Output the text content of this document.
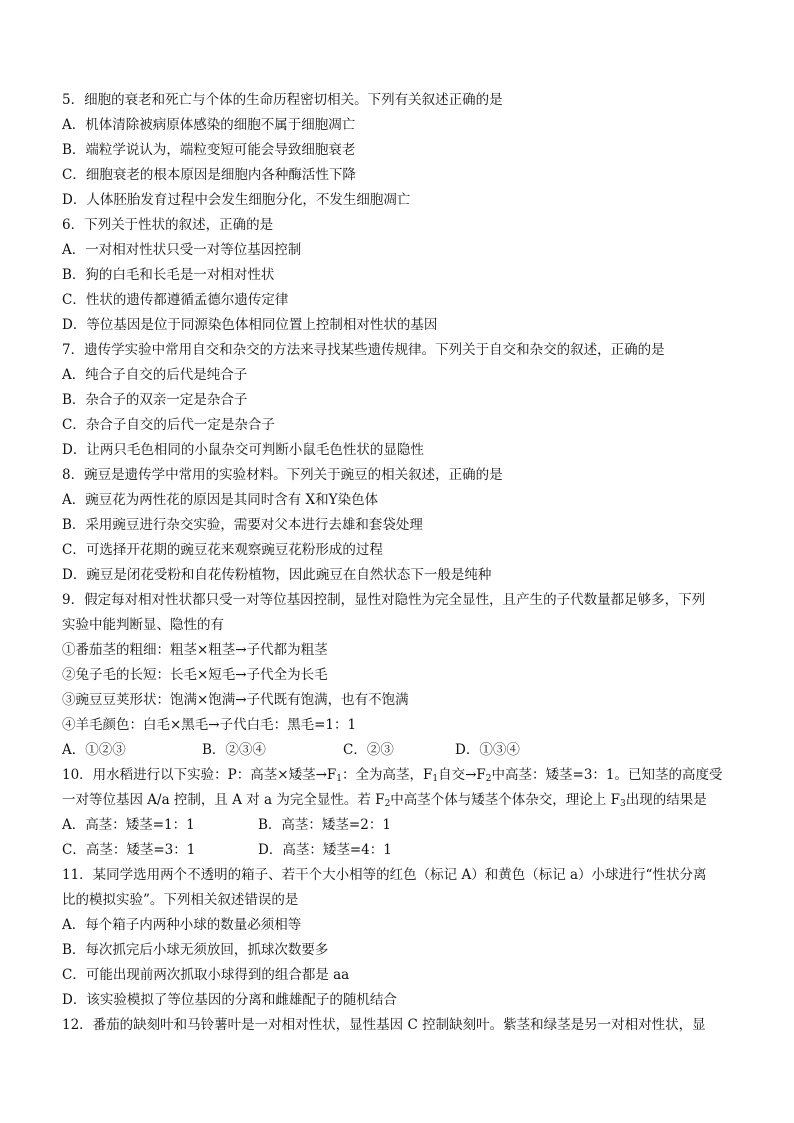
5．细胞的衰老和死亡与个体的生命历程密切相关。下列有关叙述正确的是
A．机体清除被病原体感染的细胞不属于细胞凋亡
B．端粒学说认为，端粒变短可能会导致细胞衰老
C．细胞衰老的根本原因是细胞内各种酶活性下降
D．人体胚胎发育过程中会发生细胞分化，不发生细胞凋亡
6．下列关于性状的叙述，正确的是
A．一对相对性状只受一对等位基因控制
B．狗的白毛和长毛是一对相对性状
C．性状的遗传都遵循孟德尔遗传定律
D．等位基因是位于同源染色体相同位置上控制相对性状的基因
7．遗传学实验中常用自交和杂交的方法来寻找某些遗传规律。下列关于自交和杂交的叙述，正确的是
A．纯合子自交的后代是纯合子
B．杂合子的双亲一定是杂合子
C．杂合子自交的后代一定是杂合子
D．让两只毛色相同的小鼠杂交可判断小鼠毛色性状的显隐性
8．豌豆是遗传学中常用的实验材料。下列关于豌豆的相关叙述，正确的是
A．豌豆花为两性花的原因是其同时含有 X和Y染色体
B．采用豌豆进行杂交实验，需要对父本进行去雄和套袋处理
C．可选择开花期的豌豆花来观察豌豆花粉形成的过程
D．豌豆是闭花受粉和自花传粉植物，因此豌豆在自然状态下一般是纯种
9．假定每对相对性状都只受一对等位基因控制，显性对隐性为完全显性，且产生的子代数量都足够多，下列
实验中能判断显、隐性的有
①番茄茎的粗细：粗茎×粗茎→子代都为粗茎
②兔子毛的长短：长毛×短毛→子代全为长毛
③豌豆豆荚形状：饱满×饱满→子代既有饱满，也有不饱满
④羊毛颜色：白毛×黑毛→子代白毛：黑毛=1：1
A．①②③	B．②③④	C．②③	D．①③④
10．用水稻进行以下实验：P：高茎×矮茎$\to F_1$：全为高茎，$F_1$自交$\to F_2$中高茎：矮茎=3：1。已知茎的高度受
一对等位基因 A/a 控制，且 A 对 a 为完全显性。若 $F_2$中高茎个体与矮茎个体杂交，理论上 $F_3$出现的结果是
A．高茎：矮茎=1：1	B．高茎：矮茎=2：1
C．高茎：矮茎=3：1	D．高茎：矮茎=4：1
11．某同学选用两个不透明的箱子、若干个大小相等的红色（标记 A）和黄色（标记 a）小球进行“性状分离
比的模拟实验”。下列相关叙述错误的是
A．每个箱子内两种小球的数量必须相等
B．每次抓完后小球无须放回，抓球次数要多
C．可能出现前两次抓取小球得到的组合都是 aa
D．该实验模拟了等位基因的分离和雌雄配子的随机结合
12．番茄的缺刻叶和马铃薯叶是一对相对性状，显性基因 C 控制缺刻叶。紫茎和绿茎是另一对相对性状，显
